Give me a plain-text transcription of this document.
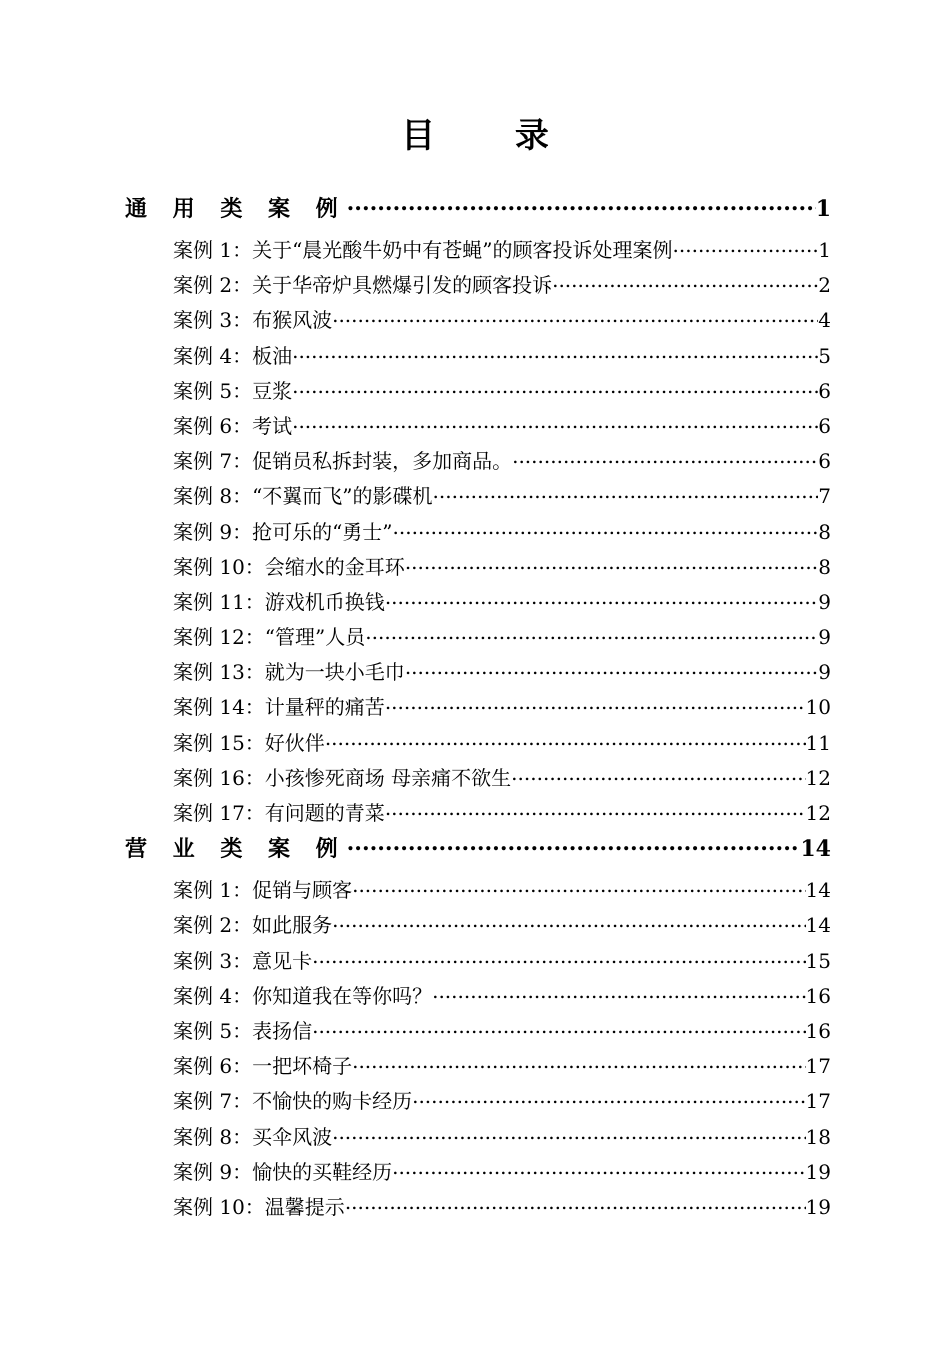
目 录
通 用 类 案 例 .....	1
案例 1：关于“晨光酸牛奶中有苍蝇”的顾客投诉处理案例 .....	1
案例 2：关于华帝炉具燃爆引发的顾客投诉 .....	2
案例 3：布猴风波 .....	4
案例 4：板油 .....	5
案例 5：豆浆 .....	6
案例 6：考试 .....	6
案例 7：促销员私拆封装，多加商品。 .....	6
案例 8：“不翼而飞”的影碟机 .....	7
案例 9：抢可乐的“勇士” .....	8
案例 10：会缩水的金耳环 .....	8
案例 11：游戏机币换钱 .....	9
案例 12：“管理”人员 .....	9
案例 13：就为一块小毛巾 .....	9
案例 14：计量秤的痛苦 .....	10
案例 15：好伙伴 .....	11
案例 16：小孩惨死商场 母亲痛不欲生 .....	12
案例 17：有问题的青菜 .....	12
营 业 类 案 例 .....	14
案例 1：促销与顾客 .....	14
案例 2：如此服务 .....	14
案例 3：意见卡 .....	15
案例 4：你知道我在等你吗？ .....	16
案例 5：表扬信 .....	16
案例 6：一把坏椅子 .....	17
案例 7：不愉快的购卡经历 .....	17
案例 8：买伞风波 .....	18
案例 9：愉快的买鞋经历 .....	19
案例 10：温馨提示 .....	19
